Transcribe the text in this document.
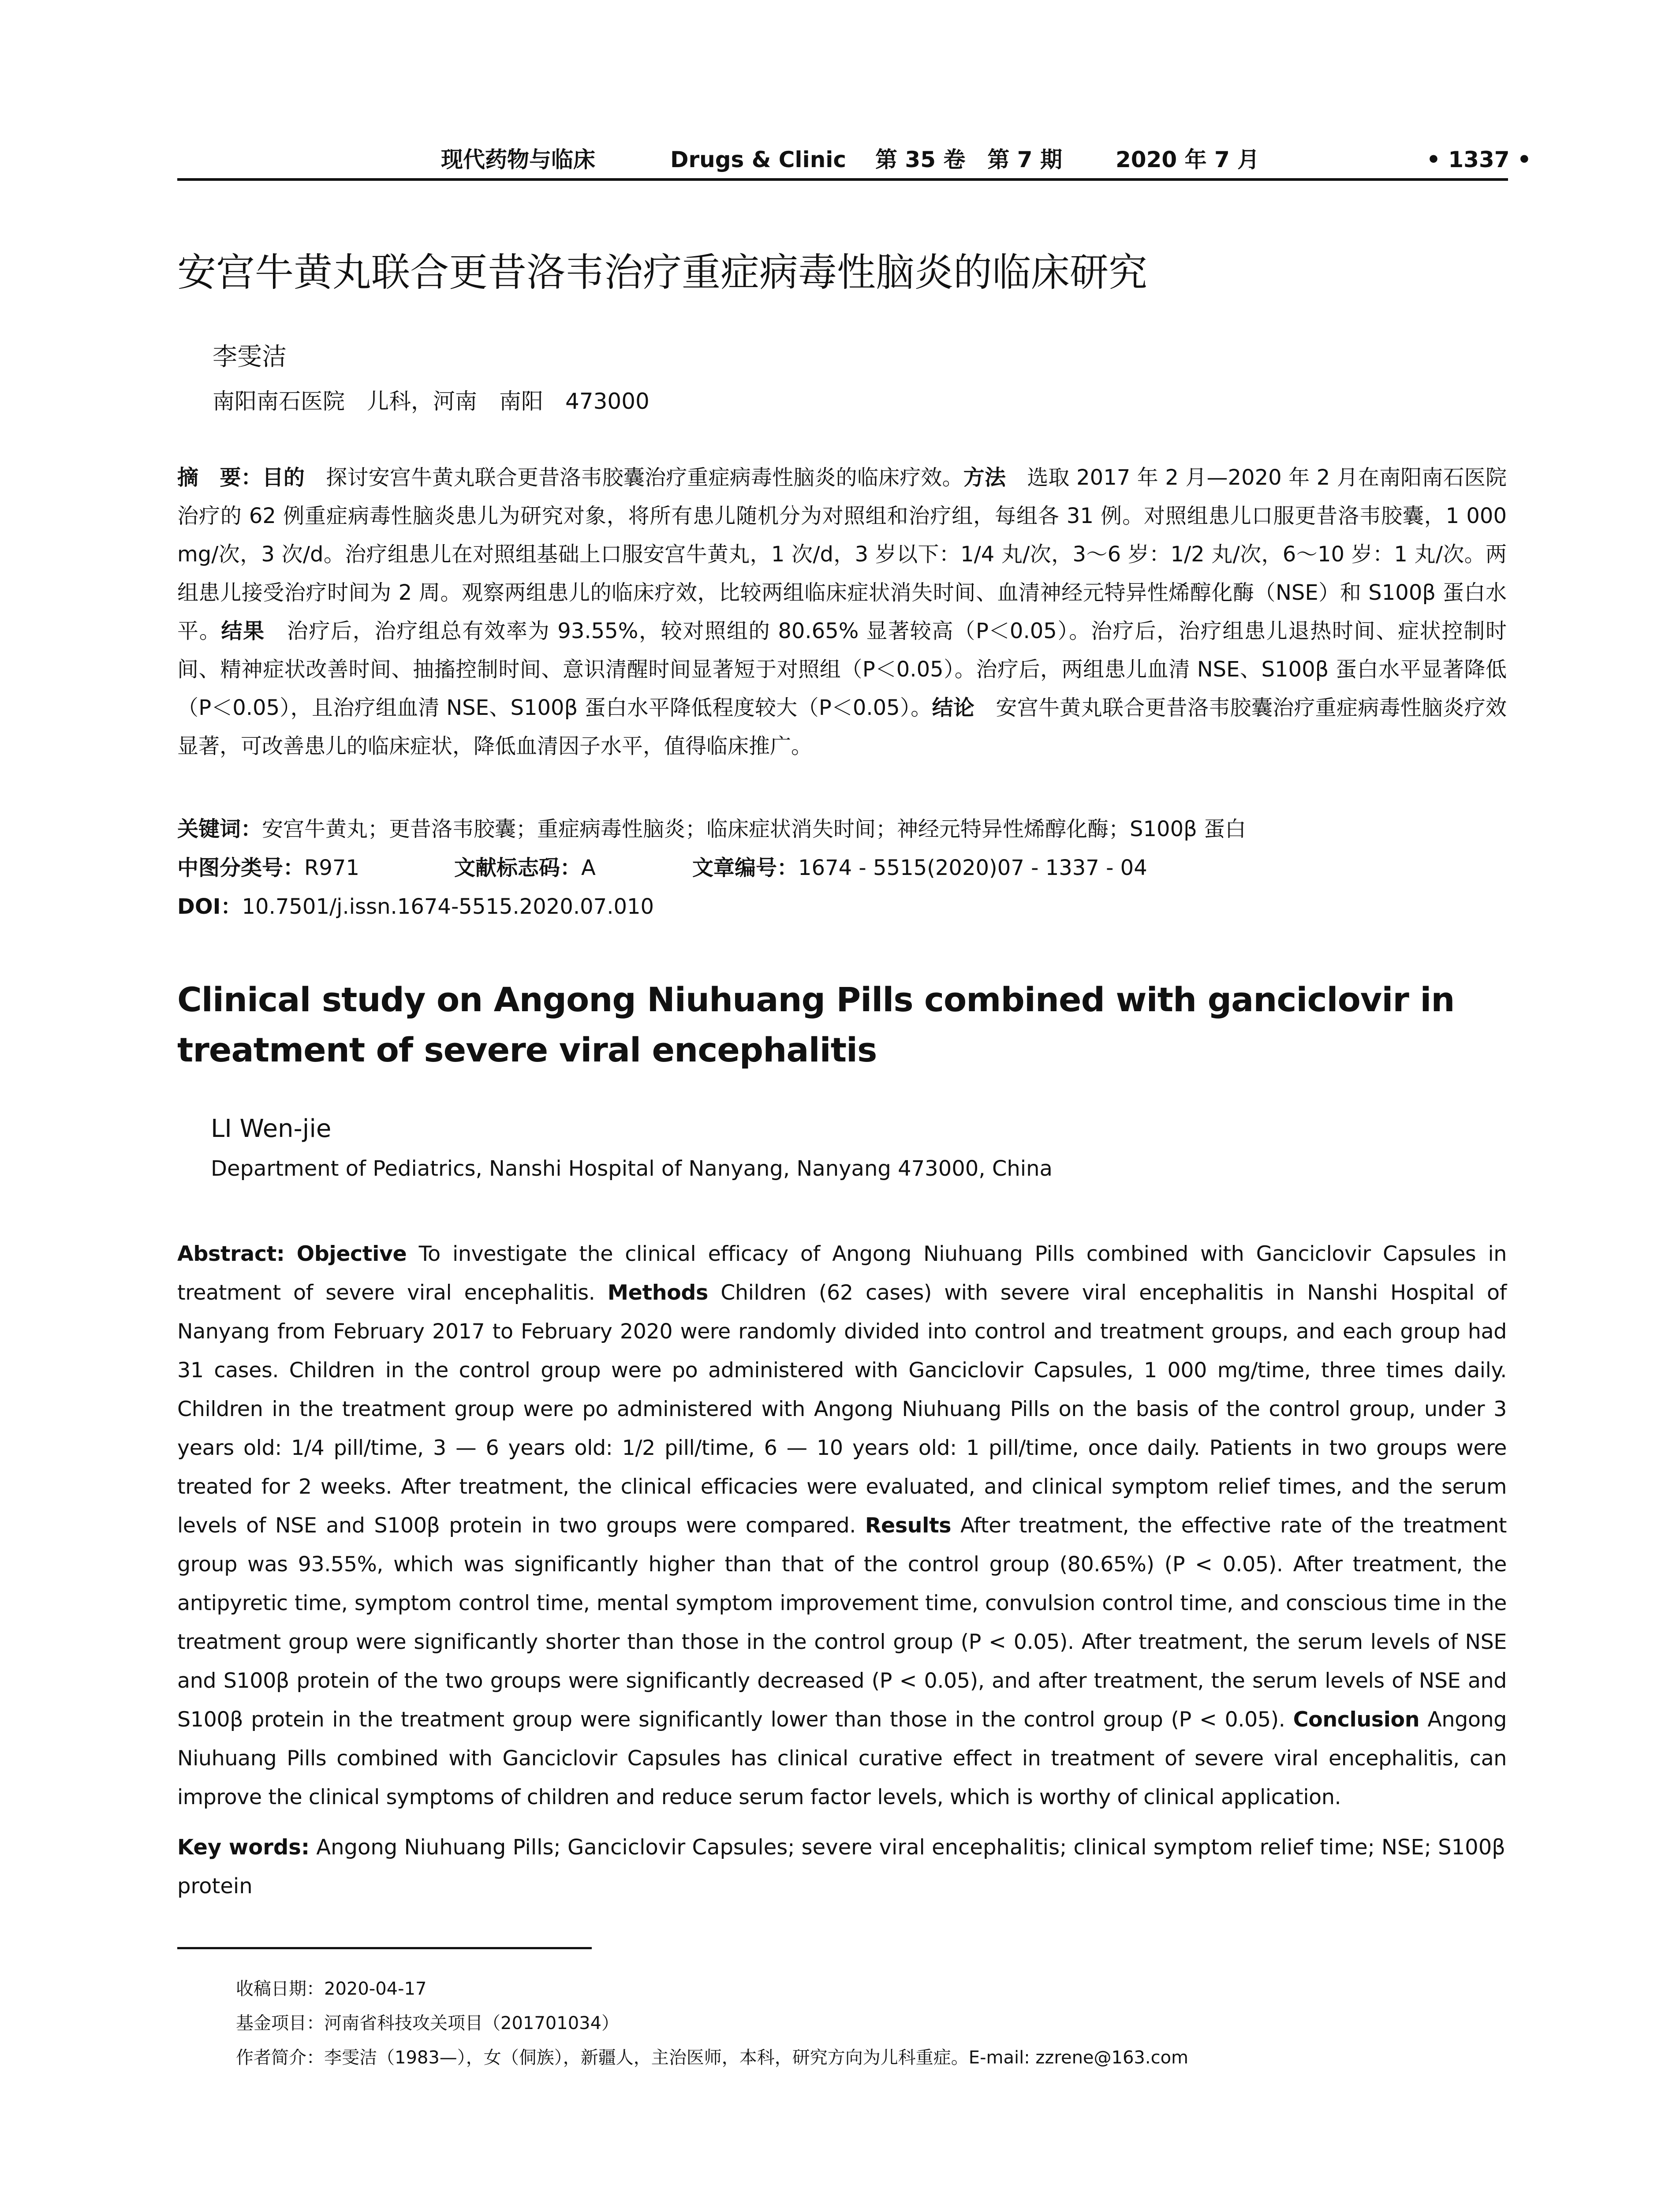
现代药物与临床	Drugs & Clinic 第 35 卷　第 7 期 2020 年 7 月	• 1337 •
安宫牛黄丸联合更昔洛韦治疗重症病毒性脑炎的临床研究
李雯洁
南阳南石医院　儿科，河南　南阳　473000
摘　要：目的　探讨安宫牛黄丸联合更昔洛韦胶囊治疗重症病毒性脑炎的临床疗效。方法　选取 2017 年 2 月—2020 年 2 月在南阳南石医院治疗的 62 例重症病毒性脑炎患儿为研究对象，将所有患儿随机分为对照组和治疗组，每组各 31 例。对照组患儿口服更昔洛韦胶囊，1 000 mg/次，3 次/d。治疗组患儿在对照组基础上口服安宫牛黄丸，1 次/d，3 岁以下：1/4 丸/次，3～6 岁：1/2 丸/次，6～10 岁：1 丸/次。两组患儿接受治疗时间为 2 周。观察两组患儿的临床疗效，比较两组临床症状消失时间、血清神经元特异性烯醇化酶（NSE）和 S100β 蛋白水平。结果　治疗后，治疗组总有效率为 93.55%，较对照组的 80.65% 显著较高（P＜0.05）。治疗后，治疗组患儿退热时间、症状控制时间、精神症状改善时间、抽搐控制时间、意识清醒时间显著短于对照组（P＜0.05）。治疗后，两组患儿血清 NSE、S100β 蛋白水平显著降低（P＜0.05），且治疗组血清 NSE、S100β 蛋白水平降低程度较大（P＜0.05）。结论　安宫牛黄丸联合更昔洛韦胶囊治疗重症病毒性脑炎疗效显著，可改善患儿的临床症状，降低血清因子水平，值得临床推广。
关键词：安宫牛黄丸；更昔洛韦胶囊；重症病毒性脑炎；临床症状消失时间；神经元特异性烯醇化酶；S100β 蛋白
中图分类号：R971	文献标志码：A	文章编号：1674 - 5515(2020)07 - 1337 - 04
DOI：10.7501/j.issn.1674-5515.2020.07.010
Clinical study on Angong Niuhuang Pills combined with ganciclovir in treatment of severe viral encephalitis
LI Wen-jie
Department of Pediatrics, Nanshi Hospital of Nanyang, Nanyang 473000, China
Abstract: Objective To investigate the clinical efficacy of Angong Niuhuang Pills combined with Ganciclovir Capsules in treatment of severe viral encephalitis. Methods Children (62 cases) with severe viral encephalitis in Nanshi Hospital of Nanyang from February 2017 to February 2020 were randomly divided into control and treatment groups, and each group had 31 cases. Children in the control group were po administered with Ganciclovir Capsules, 1 000 mg/time, three times daily. Children in the treatment group were po administered with Angong Niuhuang Pills on the basis of the control group, under 3 years old: 1/4 pill/time, 3 — 6 years old: 1/2 pill/time, 6 — 10 years old: 1 pill/time, once daily. Patients in two groups were treated for 2 weeks. After treatment, the clinical efficacies were evaluated, and clinical symptom relief times, and the serum levels of NSE and S100β protein in two groups were compared. Results After treatment, the effective rate of the treatment group was 93.55%, which was significantly higher than that of the control group (80.65%) (P < 0.05). After treatment, the antipyretic time, symptom control time, mental symptom improvement time, convulsion control time, and conscious time in the treatment group were significantly shorter than those in the control group (P < 0.05). After treatment, the serum levels of NSE and S100β protein of the two groups were significantly decreased (P < 0.05), and after treatment, the serum levels of NSE and S100β protein in the treatment group were significantly lower than those in the control group (P < 0.05). Conclusion Angong Niuhuang Pills combined with Ganciclovir Capsules has clinical curative effect in treatment of severe viral encephalitis, can improve the clinical symptoms of children and reduce serum factor levels, which is worthy of clinical application.
Key words: Angong Niuhuang Pills; Ganciclovir Capsules; severe viral encephalitis; clinical symptom relief time; NSE; S100β protein
收稿日期：2020-04-17
基金项目：河南省科技攻关项目（201701034）
作者简介：李雯洁（1983—），女（侗族），新疆人，主治医师，本科，研究方向为儿科重症。E-mail: zzrene@163.com
